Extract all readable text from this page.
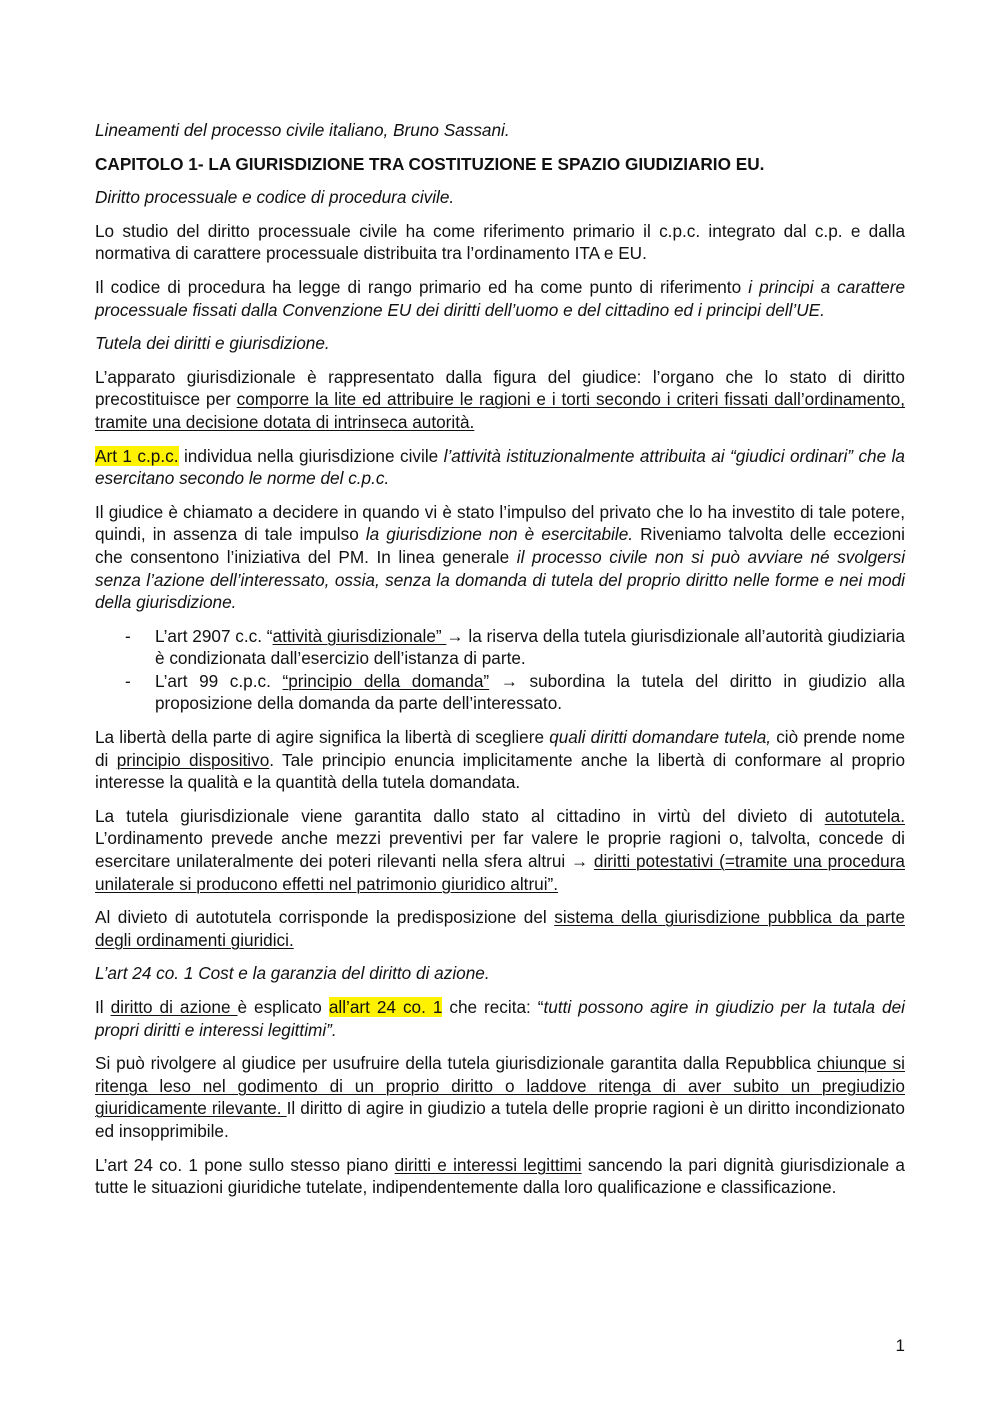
Lineamenti del processo civile italiano, Bruno Sassani.

CAPITOLO 1- LA GIURISDIZIONE TRA COSTITUZIONE E SPAZIO GIUDIZIARIO EU.

Diritto processuale e codice di procedura civile.

Lo studio del diritto processuale civile ha come riferimento primario il c.p.c. integrato dal c.p. e dalla normativa di carattere processuale distribuita tra l’ordinamento ITA e EU.

Il codice di procedura ha legge di rango primario ed ha come punto di riferimento i principi a carattere processuale fissati dalla Convenzione EU dei diritti dell’uomo e del cittadino ed i principi dell’UE.

Tutela dei diritti e giurisdizione.

L’apparato giurisdizionale è rappresentato dalla figura del giudice: l’organo che lo stato di diritto precostituisce per comporre la lite ed attribuire le ragioni e i torti secondo i criteri fissati dall’ordinamento, tramite una decisione dotata di intrinseca autorità.

Art 1 c.p.c. individua nella giurisdizione civile l’attività istituzionalmente attribuita ai “giudici ordinari” che la esercitano secondo le norme del c.p.c.

Il giudice è chiamato a decidere in quando vi è stato l’impulso del privato che lo ha investito di tale potere, quindi, in assenza di tale impulso la giurisdizione non è esercitabile. Riveniamo talvolta delle eccezioni che consentono l’iniziativa del PM. In linea generale il processo civile non si può avviare né svolgersi senza l’azione dell’interessato, ossia, senza la domanda di tutela del proprio diritto nelle forme e nei modi della giurisdizione.

- L’art 2907 c.c. “attività giurisdizionale” → la riserva della tutela giurisdizionale all’autorità giudiziaria è condizionata dall’esercizio dell’istanza di parte.
- L’art 99 c.p.c. “principio della domanda” → subordina la tutela del diritto in giudizio alla proposizione della domanda da parte dell’interessato.

La libertà della parte di agire significa la libertà di scegliere quali diritti domandare tutela, ciò prende nome di principio dispositivo. Tale principio enuncia implicitamente anche la libertà di conformare al proprio interesse la qualità e la quantità della tutela domandata.

La tutela giurisdizionale viene garantita dallo stato al cittadino in virtù del divieto di autotutela. L’ordinamento prevede anche mezzi preventivi per far valere le proprie ragioni o, talvolta, concede di esercitare unilateralmente dei poteri rilevanti nella sfera altrui → diritti potestativi (=tramite una procedura unilaterale si producono effetti nel patrimonio giuridico altrui”.

Al divieto di autotutela corrisponde la predisposizione del sistema della giurisdizione pubblica da parte degli ordinamenti giuridici.

L’art 24 co. 1 Cost e la garanzia del diritto di azione.

Il diritto di azione è esplicato all’art 24 co. 1 che recita: “tutti possono agire in giudizio per la tutala dei propri diritti e interessi legittimi”.

Si può rivolgere al giudice per usufruire della tutela giurisdizionale garantita dalla Repubblica chiunque si ritenga leso nel godimento di un proprio diritto o laddove ritenga di aver subito un pregiudizio giuridicamente rilevante. Il diritto di agire in giudizio a tutela delle proprie ragioni è un diritto incondizionato ed insopprimibile.

L’art 24 co. 1 pone sullo stesso piano diritti e interessi legittimi sancendo la pari dignità giurisdizionale a tutte le situazioni giuridiche tutelate, indipendentemente dalla loro qualificazione e classificazione.

1
